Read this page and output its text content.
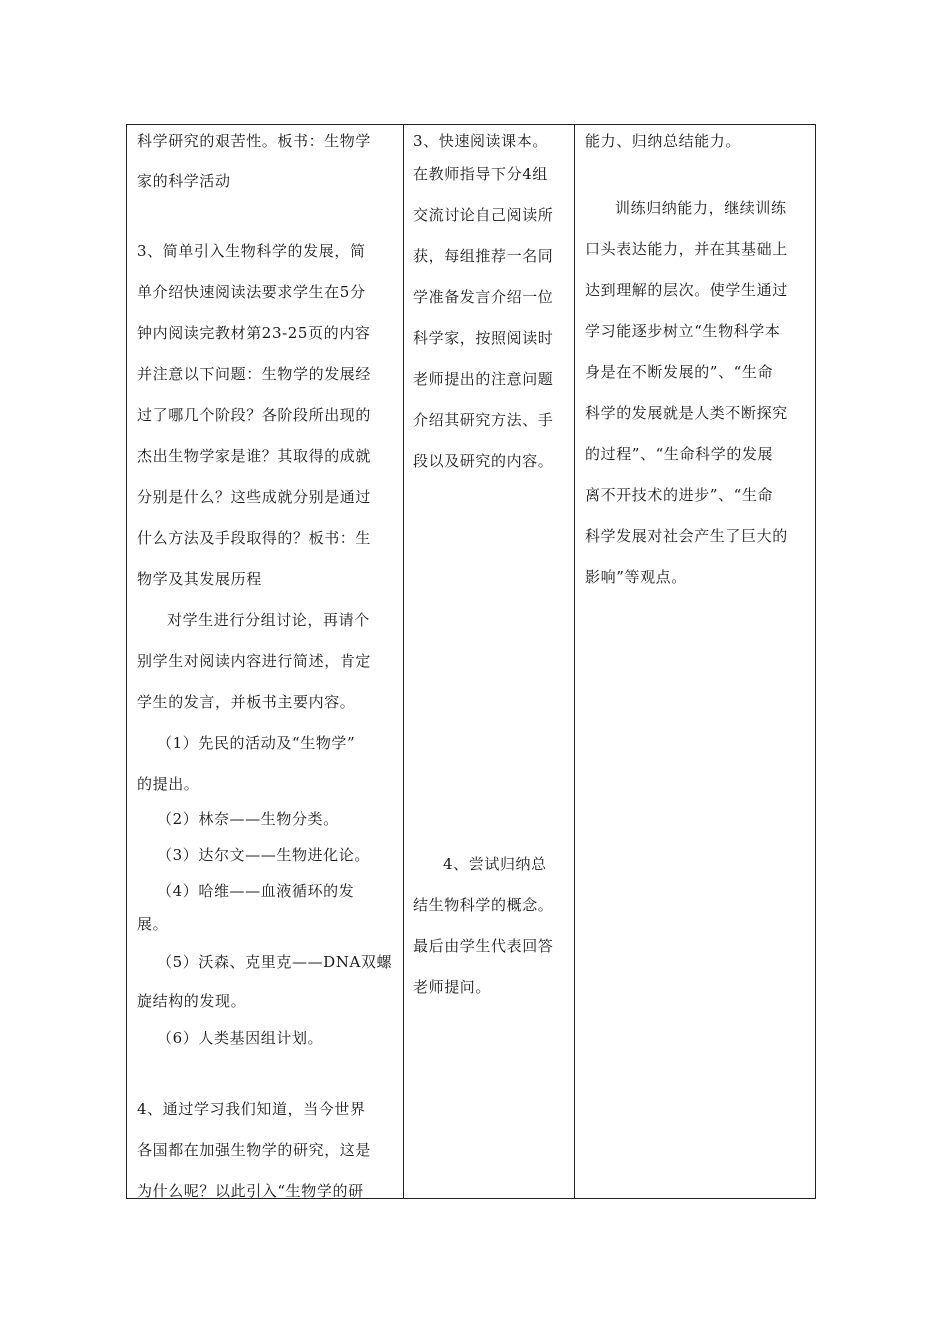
科学研究的艰苦性。板书：生物学

家的科学活动

3、简单引入生物科学的发展，简

单介绍快速阅读法要求学生在5分

钟内阅读完教材第23-25页的内容

并注意以下问题：生物学的发展经

过了哪几个阶段？各阶段所出现的

杰出生物学家是谁？其取得的成就

分别是什么？这些成就分别是通过

什么方法及手段取得的？板书：生

物学及其发展历程

对学生进行分组讨论，再请个

别学生对阅读内容进行简述，肯定

学生的发言，并板书主要内容。

（1）先民的活动及“生物学”

的提出。

（2）林奈——生物分类。

（3）达尔文——生物进化论。

（4）哈维——血液循环的发

展。

（5）沃森、克里克——DNA双螺

旋结构的发现。

（6）人类基因组计划。

4、通过学习我们知道，当今世界

各国都在加强生物学的研究，这是

为什么呢？以此引入“生物学的研

3、快速阅读课本。

在教师指导下分4组

交流讨论自己阅读所

获，每组推荐一名同

学准备发言介绍一位

科学家，按照阅读时

老师提出的注意问题

介绍其研究方法、手

段以及研究的内容。

4、尝试归纳总

结生物科学的概念。

最后由学生代表回答

老师提问。

能力、归纳总结能力。

训练归纳能力，继续训练

口头表达能力，并在其基础上

达到理解的层次。使学生通过

学习能逐步树立“生物科学本

身是在不断发展的”、“生命

科学的发展就是人类不断探究

的过程”、“生命科学的发展

离不开技术的进步”、“生命

科学发展对社会产生了巨大的

影响”等观点。
